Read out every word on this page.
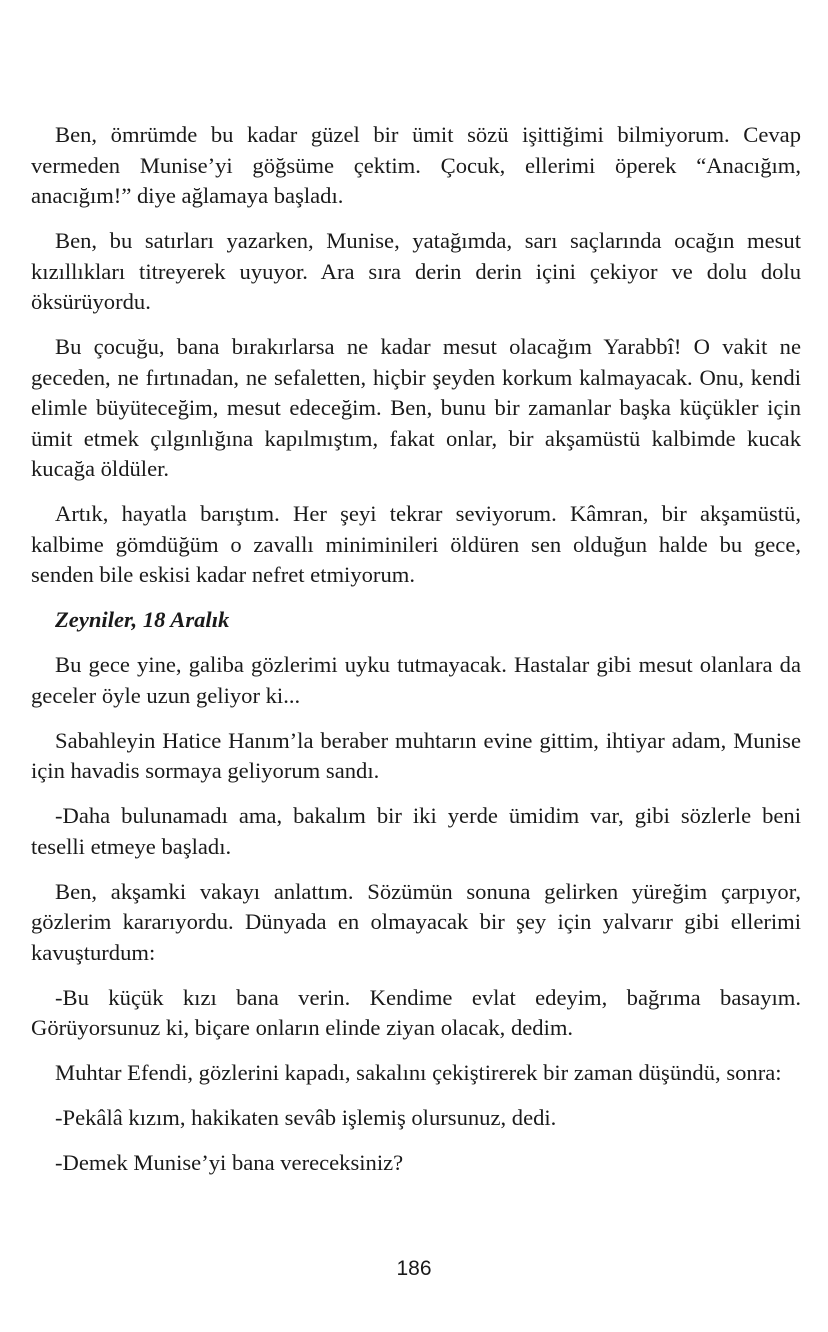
Ben, ömrümde bu kadar güzel bir ümit sözü işittiğimi bilmiyorum. Cevap vermeden Munise’yi göğsüme çektim. Çocuk, ellerimi öperek “Anacığım, anacığım!” diye ağlamaya başladı.

Ben, bu satırları yazarken, Munise, yatağımda, sarı saçlarında ocağın mesut kızıllıkları titreyerek uyuyor. Ara sıra derin derin içini çekiyor ve dolu dolu öksürüyordu.

Bu çocuğu, bana bırakırlarsa ne kadar mesut olacağım Yarabbî! O vakit ne geceden, ne fırtınadan, ne sefaletten, hiçbir şeyden korkum kalmayacak. Onu, kendi elimle büyüteceğim, mesut edeceğim. Ben, bunu bir zamanlar başka küçükler için ümit etmek çılgınlığına kapılmıştım, fakat onlar, bir akşamüstü kalbimde kucak kucağa öldüler.

Artık, hayatla barıştım. Her şeyi tekrar seviyorum. Kâmran, bir akşamüstü, kalbime gömdüğüm o zavallı miniminileri öldüren sen olduğun halde bu gece, senden bile eskisi kadar nefret etmiyorum.

Zeyniler, 18 Aralık

Bu gece yine, galiba gözlerimi uyku tutmayacak. Hastalar gibi mesut olanlara da geceler öyle uzun geliyor ki...

Sabahleyin Hatice Hanım’la beraber muhtarın evine gittim, ihtiyar adam, Munise için havadis sormaya geliyorum sandı.

-Daha bulunamadı ama, bakalım bir iki yerde ümidim var, gibi sözlerle beni teselli etmeye başladı.

Ben, akşamki vakayı anlattım. Sözümün sonuna gelirken yüreğim çarpıyor, gözlerim kararıyordu. Dünyada en olmayacak bir şey için yalvarır gibi ellerimi kavuşturdum:

-Bu küçük kızı bana verin. Kendime evlat edeyim, bağrıma basayım. Görüyorsunuz ki, biçare onların elinde ziyan olacak, dedim.

Muhtar Efendi, gözlerini kapadı, sakalını çekiştirerek bir zaman düşündü, sonra:

-Pekâlâ kızım, hakikaten sevâb işlemiş olursunuz, dedi.

-Demek Munise’yi bana vereceksiniz?

186
